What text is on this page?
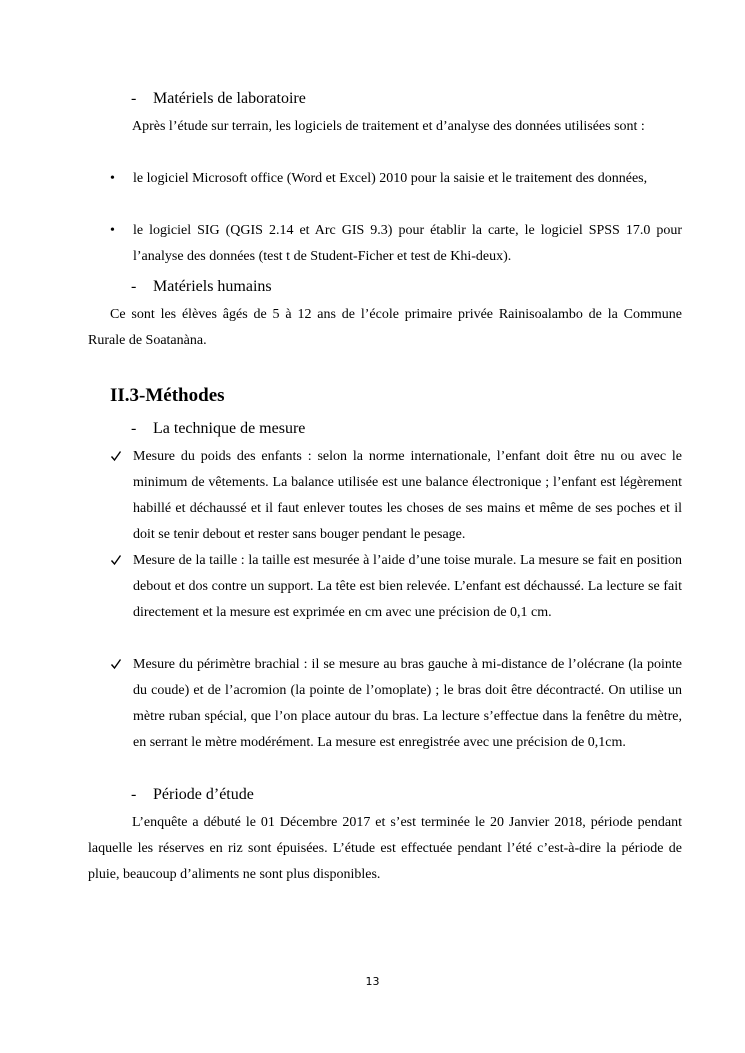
- Matériels de laboratoire

Après l’étude sur terrain, les logiciels de traitement et d’analyse des données utilisées sont :

• le logiciel Microsoft office (Word et Excel) 2010 pour la saisie et le traitement des données,

• le logiciel SIG (QGIS 2.14 et Arc GIS 9.3) pour établir la carte, le logiciel SPSS 17.0 pour l’analyse des données (test t de Student-Ficher et test de Khi-deux).

- Matériels humains

Ce sont les élèves âgés de 5 à 12 ans de l’école primaire privée Rainisoalambo de la Commune Rurale de Soatanàna.

II.3-Méthodes
- La technique de mesure

Mesure du poids des enfants : selon la norme internationale, l’enfant doit être nu ou avec le minimum de vêtements. La balance utilisée est une balance électronique ; l’enfant est légèrement habillé et déchaussé et il faut enlever toutes les choses de ses mains et même de ses poches et il doit se tenir debout et rester sans bouger pendant le pesage.

Mesure de la taille : la taille est mesurée à l’aide d’une toise murale. La mesure se fait en position debout et dos contre un support. La tête est bien relevée. L’enfant est déchaussé. La lecture se fait directement et la mesure est exprimée en cm avec une précision de 0,1 cm.

Mesure du périmètre brachial : il se mesure au bras gauche à mi-distance de l’olécrane (la pointe du coude) et de l’acromion (la pointe de l’omoplate) ; le bras doit être décontracté. On utilise un mètre ruban spécial, que l’on place autour du bras. La lecture s’effectue dans la fenêtre du mètre, en serrant le mètre modérément. La mesure est enregistrée avec une précision de 0,1cm.

- Période d’étude

L’enquête a débuté le 01 Décembre 2017 et s’est terminée le 20 Janvier 2018, période pendant laquelle les réserves en riz sont épuisées. L’étude est effectuée pendant l’été c’est-à-dire la période de pluie, beaucoup d’aliments ne sont plus disponibles.

13
